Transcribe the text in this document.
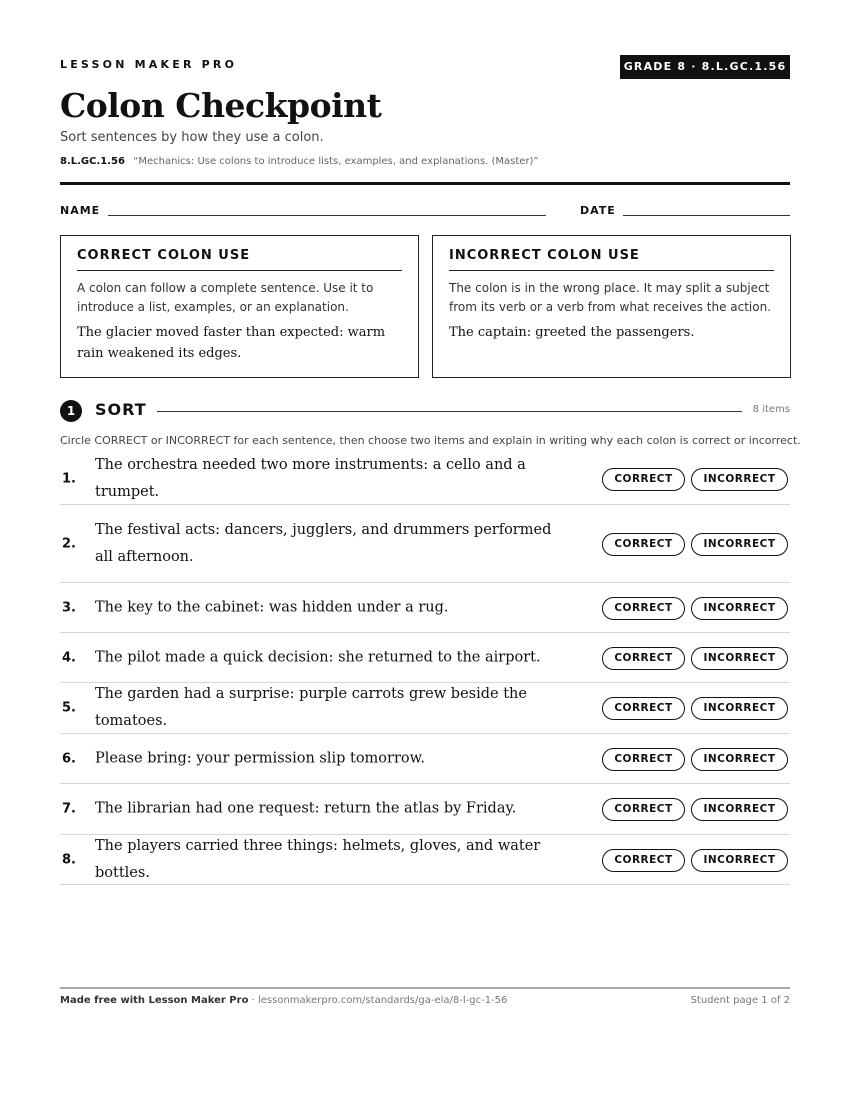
LESSON MAKER PRO	GRADE 8 · 8.L.GC.1.56
Colon Checkpoint
Sort sentences by how they use a colon.
8.L.GC.1.56 “Mechanics: Use colons to introduce lists, examples, and explanations. (Master)”
NAME	DATE
CORRECT COLON USE

A colon can follow a complete sentence. Use it to introduce a list, examples, or an explanation.

The glacier moved faster than expected: warm rain weakened its edges.

INCORRECT COLON USE

The colon is in the wrong place. It may split a subject from its verb or a verb from what receives the action.

The captain: greeted the passengers.

1	SORT	8 items
Circle CORRECT or INCORRECT for each sentence, then choose two items and explain in writing why each colon is correct or incorrect.
1.
The orchestra needed two more instruments: a cello and a trumpet.
CORRECT	INCORRECT
2.
The festival acts: dancers, jugglers, and drummers performed all afternoon.
CORRECT	INCORRECT
3. The key to the cabinet: was hidden under a rug.	CORRECT	INCORRECT
4. The pilot made a quick decision: she returned to the airport.	CORRECT	INCORRECT
5.
The garden had a surprise: purple carrots grew beside the tomatoes.
CORRECT	INCORRECT
6. Please bring: your permission slip tomorrow.	CORRECT	INCORRECT
7. The librarian had one request: return the atlas by Friday.	CORRECT	INCORRECT
8.
The players carried three things: helmets, gloves, and water bottles.
CORRECT	INCORRECT
Made free with Lesson Maker Pro · lessonmakerpro.com/standards/ga-ela/8-l-gc-1-56	Student page 1 of 2
